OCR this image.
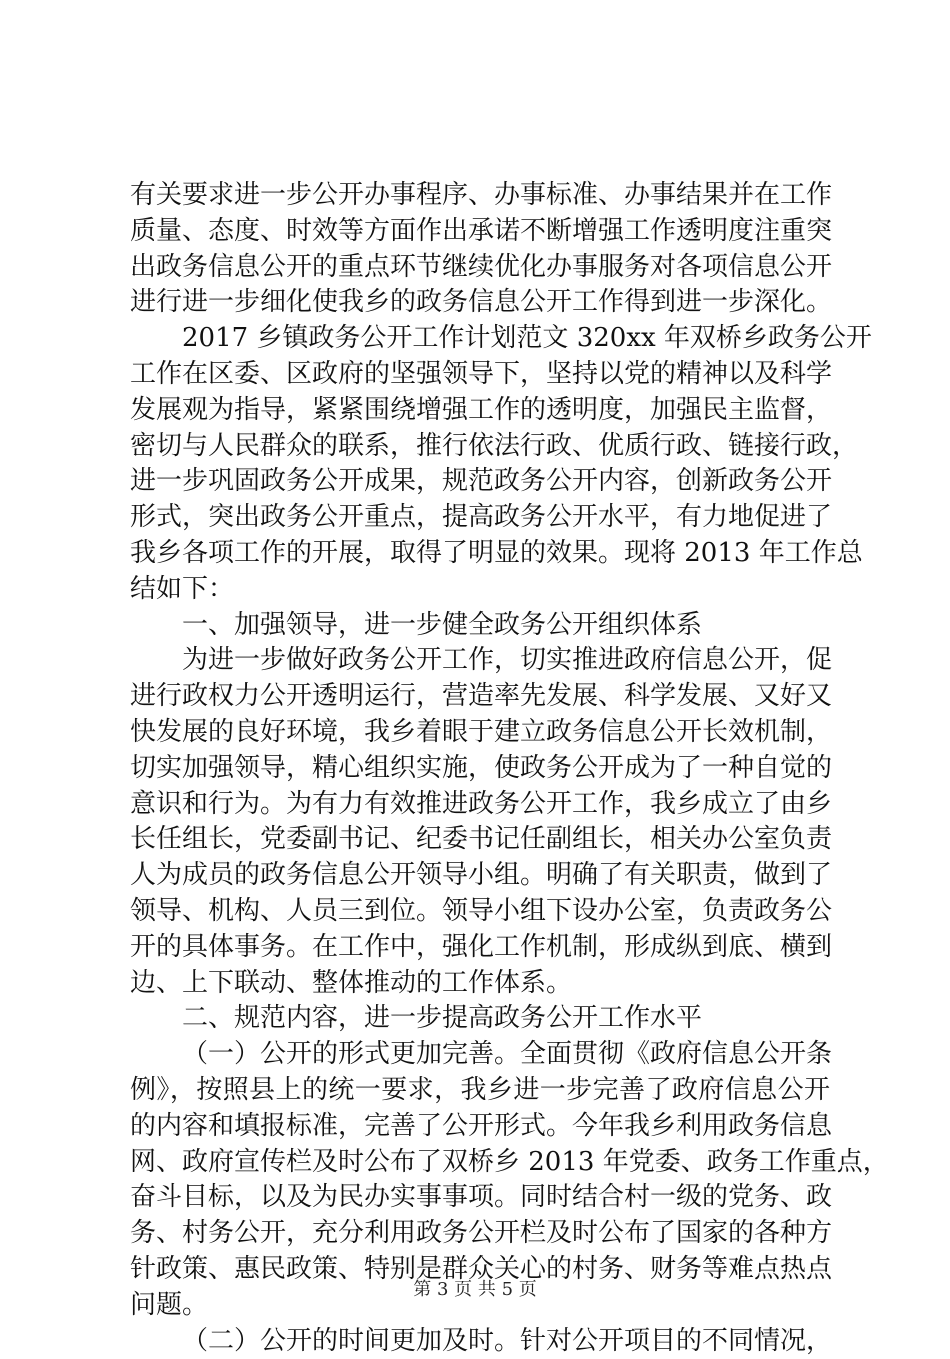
有关要求进一步公开办事程序、办事标准、办事结果并在工作
质量、态度、时效等方面作出承诺不断增强工作透明度注重突
出政务信息公开的重点环节继续优化办事服务对各项信息公开
进行进一步细化使我乡的政务信息公开工作得到进一步深化。
2017 乡镇政务公开工作计划范文 320xx 年双桥乡政务公开
工作在区委、区政府的坚强领导下，坚持以党的精神以及科学
发展观为指导，紧紧围绕增强工作的透明度，加强民主监督，
密切与人民群众的联系，推行依法行政、优质行政、链接行政，
进一步巩固政务公开成果，规范政务公开内容，创新政务公开
形式，突出政务公开重点，提高政务公开水平，有力地促进了
我乡各项工作的开展，取得了明显的效果。现将 2013 年工作总
结如下：
一、加强领导，进一步健全政务公开组织体系
为进一步做好政务公开工作，切实推进政府信息公开，促
进行政权力公开透明运行，营造率先发展、科学发展、又好又
快发展的良好环境，我乡着眼于建立政务信息公开长效机制，
切实加强领导，精心组织实施，使政务公开成为了一种自觉的
意识和行为。为有力有效推进政务公开工作，我乡成立了由乡
长任组长，党委副书记、纪委书记任副组长，相关办公室负责
人为成员的政务信息公开领导小组。明确了有关职责，做到了
领导、机构、人员三到位。领导小组下设办公室，负责政务公
开的具体事务。在工作中，强化工作机制，形成纵到底、横到
边、上下联动、整体推动的工作体系。
二、规范内容，进一步提高政务公开工作水平
（一）公开的形式更加完善。全面贯彻《政府信息公开条
例》，按照县上的统一要求，我乡进一步完善了政府信息公开
的内容和填报标准，完善了公开形式。今年我乡利用政务信息
网、政府宣传栏及时公布了双桥乡 2013 年党委、政务工作重点，
奋斗目标，以及为民办实事事项。同时结合村一级的党务、政
务、村务公开，充分利用政务公开栏及时公布了国家的各种方
针政策、惠民政策、特别是群众关心的村务、财务等难点热点
问题。
（二）公开的时间更加及时。针对公开项目的不同情况，
第 3 页 共 5 页
